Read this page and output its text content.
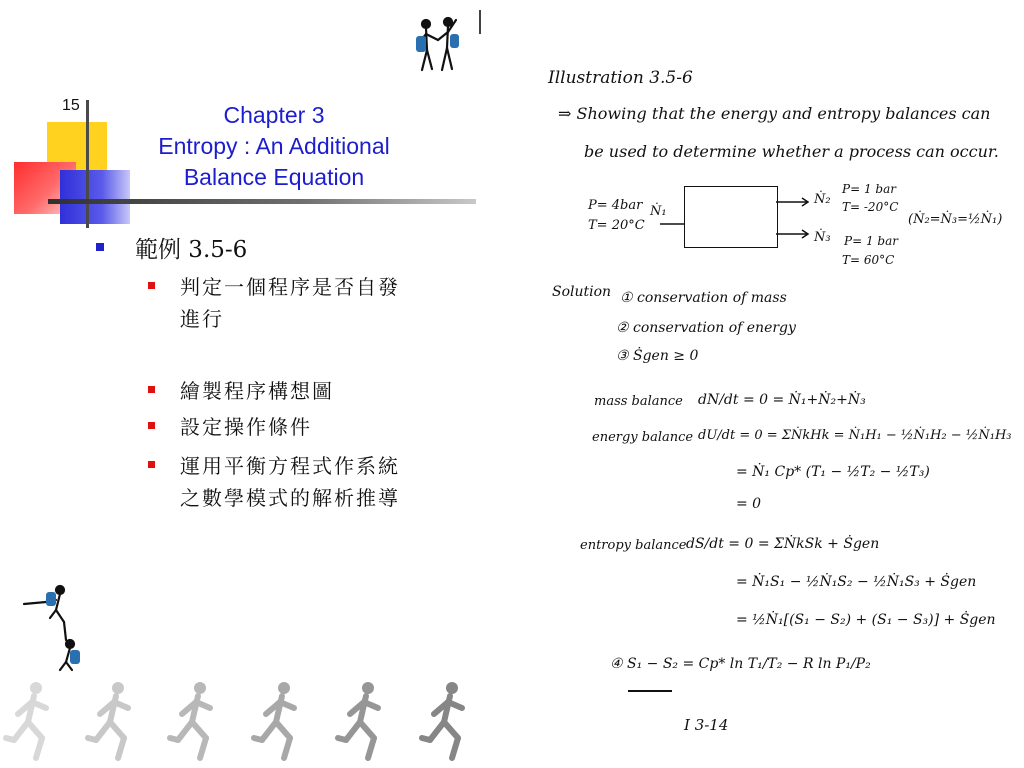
15	Chapter 3
Entropy : An Additional
Balance Equation
範例 3.5-6
判定一個程序是否自發
進行
繪製程序構想圖
設定操作條件
運用平衡方程式作系統
之數學模式的解析推導
Illustration 3.5-6
⇒ Showing that the energy and entropy balances can
be used to determine whether a process can occur.
P= 4bar
T= 20°C
Ṅ₁
Ṅ₂
Ṅ₃
P= 1 bar
T= -20°C
P= 1 bar
T= 60°C
(Ṅ₂=Ṅ₃=½Ṅ₁)
Solution ① conservation of mass
② conservation of energy
③ Ṡgen ≥ 0
mass balance dN/dt = 0 = Ṅ₁+Ṅ₂+Ṅ₃
energy balance dU/dt = 0 = ΣṄkHk = Ṅ₁H₁ − ½Ṅ₁H₂ − ½Ṅ₁H₃
= Ṅ₁ Cp* (T₁ − ½T₂ − ½T₃)
= 0
entropy balance dS/dt = 0 = ΣṄkSk + Ṡgen
= Ṅ₁S₁ − ½Ṅ₁S₂ − ½Ṅ₁S₃ + Ṡgen
= ½Ṅ₁[(S₁ − S₂) + (S₁ − S₃)] + Ṡgen
④ S₁ − S₂ = Cp* ln T₁/T₂ − R ln P₁/P₂
I 3-14
